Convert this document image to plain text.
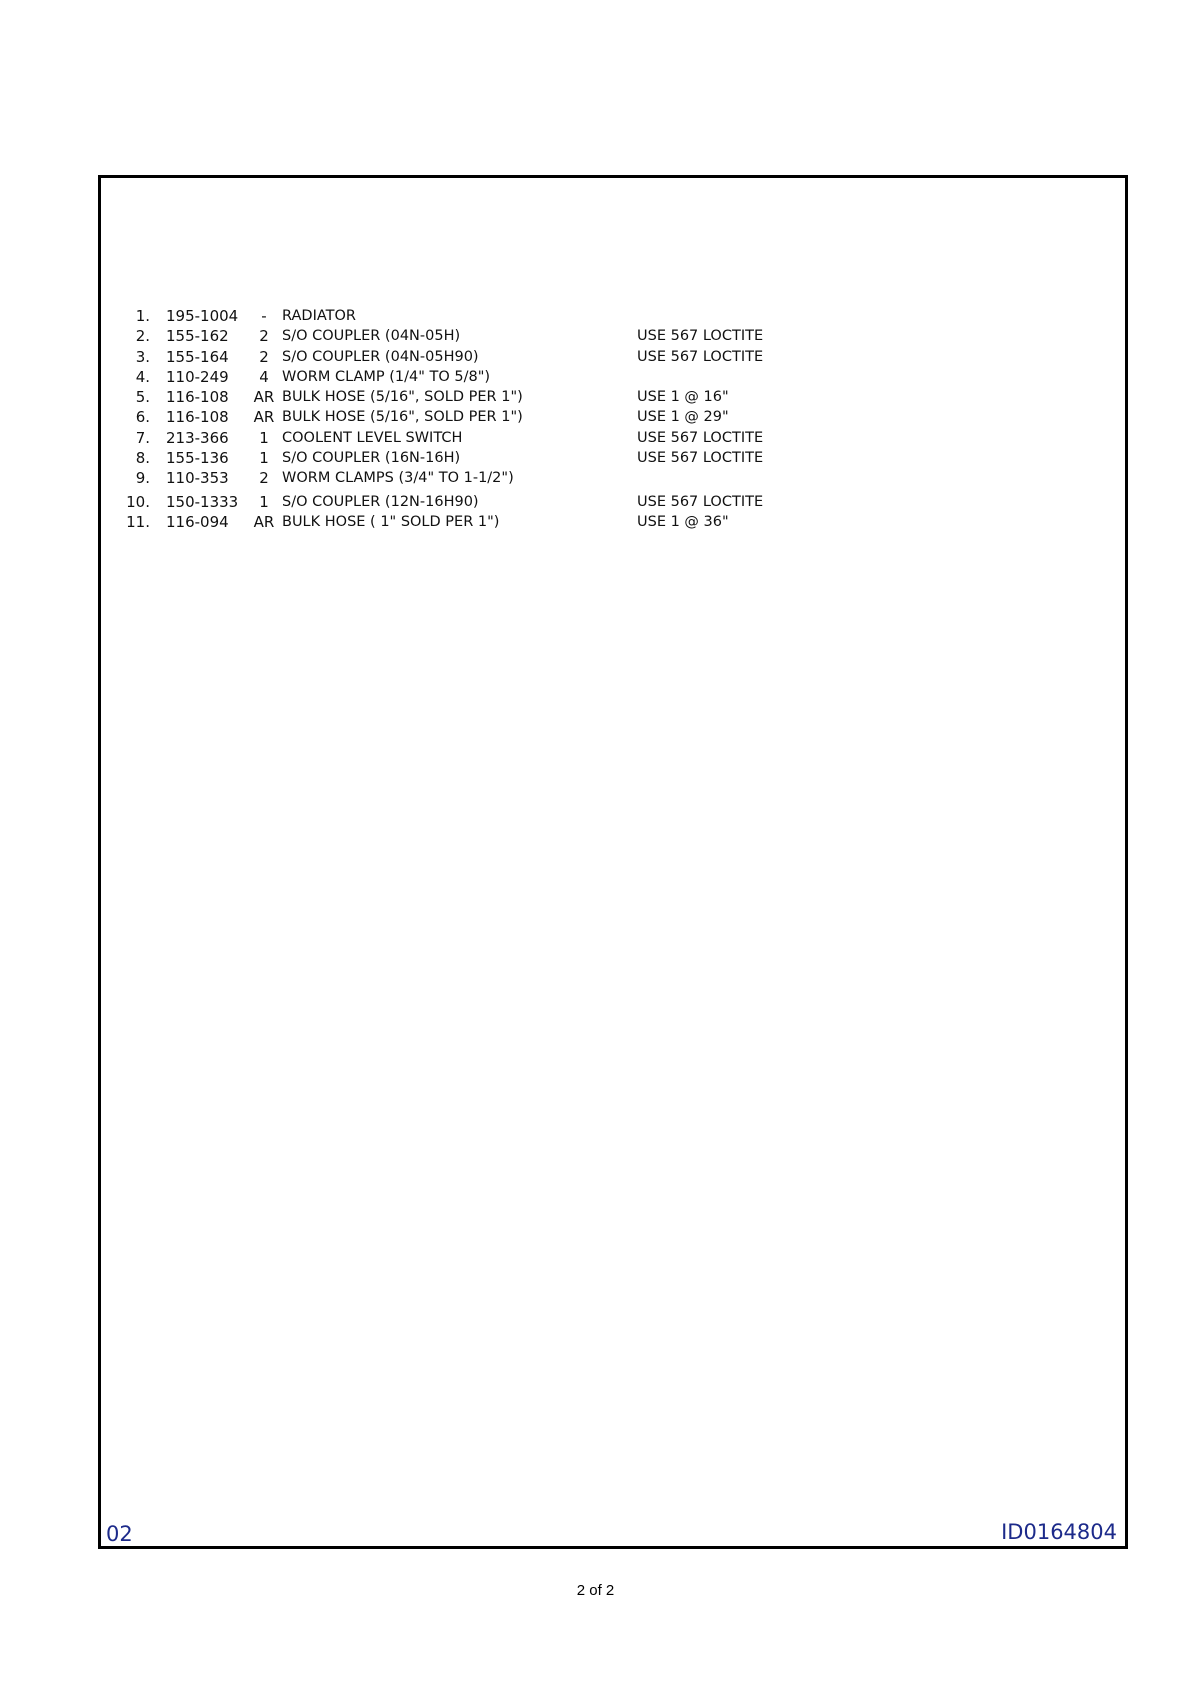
1. 195-1004	-	RADIATOR
2. 155-162	2 S/O COUPLER (04N-05H)	USE 567 LOCTITE
3. 155-164	2 S/O COUPLER (04N-05H90)	USE 567 LOCTITE
4. 110-249	4 WORM CLAMP (1/4" TO 5/8")
5. 116-108	AR BULK HOSE (5/16", SOLD PER 1")	USE 1 @ 16"
6. 116-108	AR BULK HOSE (5/16", SOLD PER 1")	USE 1 @ 29"
7. 213-366	1 COOLENT LEVEL SWITCH	USE 567 LOCTITE
8. 155-136	1 S/O COUPLER (16N-16H)	USE 567 LOCTITE
9. 110-353	2 WORM CLAMPS (3/4" TO 1-1/2")
10. 150-1333	1 S/O COUPLER (12N-16H90)	USE 567 LOCTITE
11. 116-094	AR BULK HOSE ( 1" SOLD PER 1")	USE 1 @ 36"
02	ID0164804
2 of 2
